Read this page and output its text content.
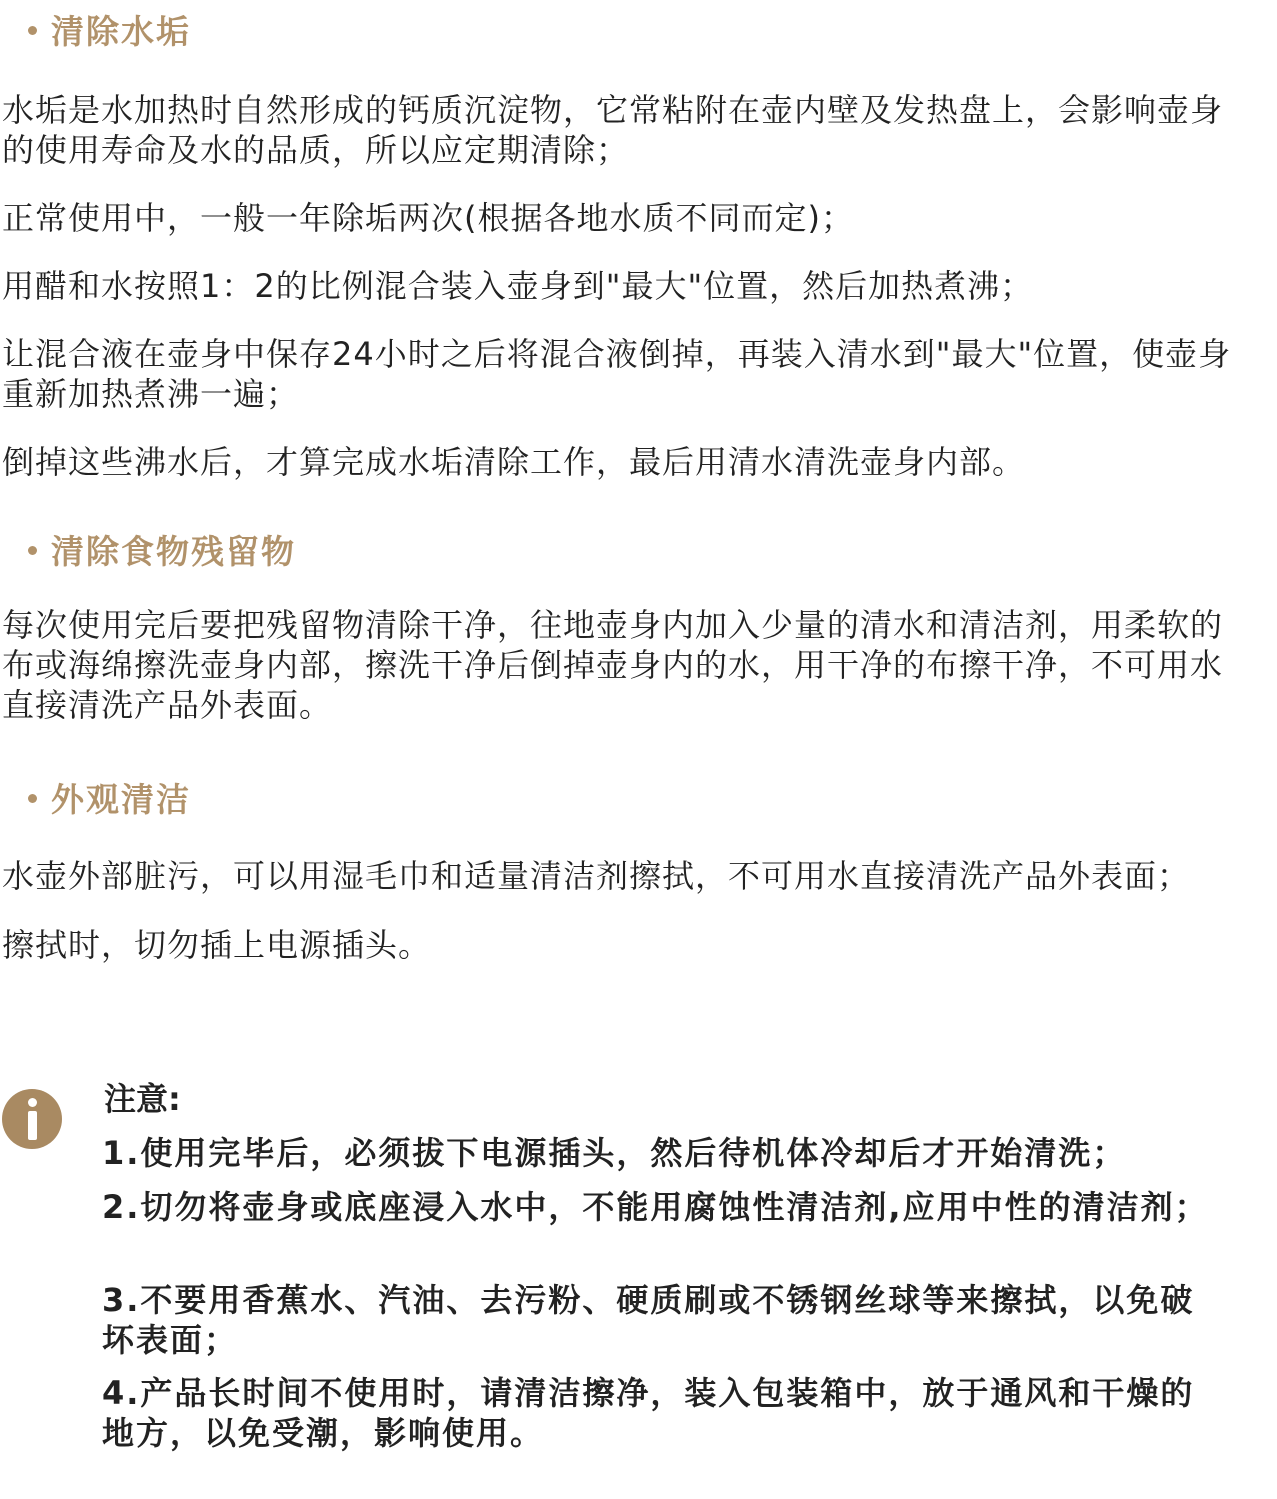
清除水垢

水垢是水加热时自然形成的钙质沉淀物，它常粘附在壶内壁及发热盘上，会影响壶身的使用寿命及水的品质，所以应定期清除；

正常使用中，一般一年除垢两次(根据各地水质不同而定)；

用醋和水按照1：2的比例混合装入壶身到"最大"位置，然后加热煮沸；

让混合液在壶身中保存24小时之后将混合液倒掉，再装入清水到"最大"位置，使壶身重新加热煮沸一遍；

倒掉这些沸水后，才算完成水垢清除工作，最后用清水清洗壶身内部。

清除食物残留物

每次使用完后要把残留物清除干净，往地壶身内加入少量的清水和清洁剂，用柔软的布或海绵擦洗壶身内部，擦洗干净后倒掉壶身内的水，用干净的布擦干净，不可用水直接清洗产品外表面。

外观清洁

水壶外部脏污，可以用湿毛巾和适量清洁剂擦拭，不可用水直接清洗产品外表面；

擦拭时，切勿插上电源插头。

注意:

1.使用完毕后，必须拔下电源插头，然后待机体冷却后才开始清洗；

2.切勿将壶身或底座浸入水中，不能用腐蚀性清洁剂,应用中性的清洁剂；

3.不要用香蕉水、汽油、去污粉、硬质刷或不锈钢丝球等来擦拭，以免破坏表面；

4.产品长时间不使用时，请清洁擦净，装入包装箱中，放于通风和干燥的地方，以免受潮，影响使用。
